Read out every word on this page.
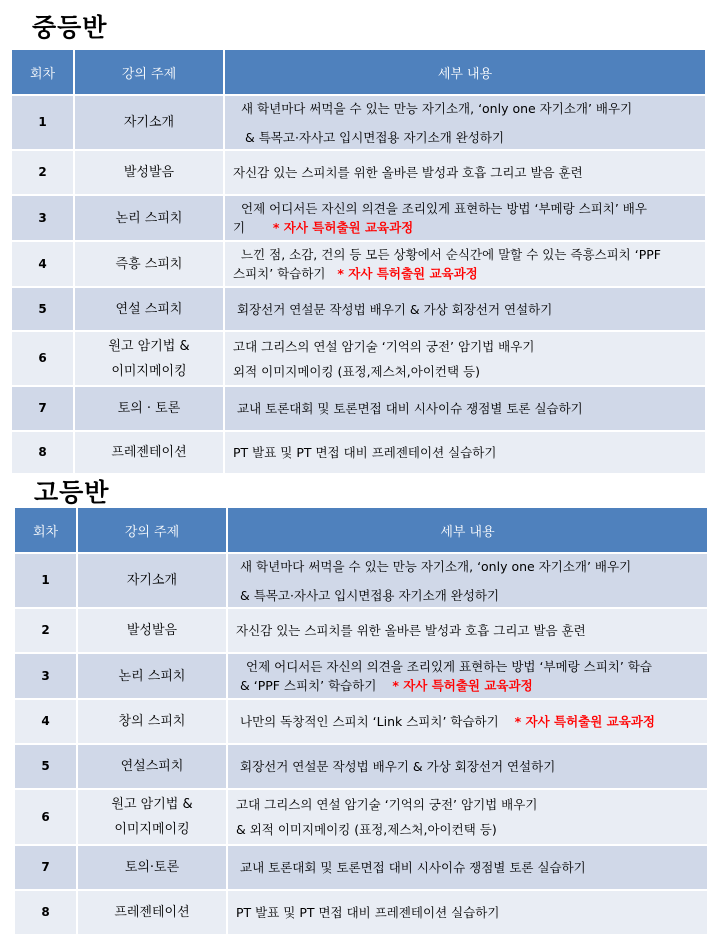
중등반
회차	강의 주제	세부 내용
1	자기소개	새 학년마다 써먹을 수 있는 만능 자기소개, ‘only one 자기소개’ 배우기
& 특목고·자사고 입시면접용 자기소개 완성하기

2	발성발음	자신감 있는 스피치를 위한 올바른 발성과 호흡 그리고 발음 훈련

3	논리 스피치	언제 어디서든 자신의 의견을 조리있게 표현하는 방법 ‘부메랑 스피치’ 배우
기 * 자사 특허출원 교육과정

4	즉흥 스피치	느낀 점, 소감, 건의 등 모든 상황에서 순식간에 말할 수 있는 즉흥스피치 ‘PPF
스피치’ 학습하기 * 자사 특허출원 교육과정

5	연설 스피치	회장선거 연설문 작성법 배우기 & 가상 회장선거 연설하기

6	원고 암기법 &
이미지메이킹	고대 그리스의 연설 암기술 ‘기억의 궁전’ 암기법 배우기
외적 이미지메이킹 (표정,제스처,아이컨택 등)

7	토의 · 토론	교내 토론대회 및 토론면접 대비 시사이슈 쟁점별 토론 실습하기

8	프레젠테이션	PT 발표 및 PT 면접 대비 프레젠테이션 실습하기
고등반
회차	강의 주제	세부 내용
1	자기소개	새 학년마다 써먹을 수 있는 만능 자기소개, ‘only one 자기소개’ 배우기
& 특목고·자사고 입시면접용 자기소개 완성하기

2	발성발음	자신감 있는 스피치를 위한 올바른 발성과 호흡 그리고 발음 훈련

3	논리 스피치	언제 어디서든 자신의 의견을 조리있게 표현하는 방법 ‘부메랑 스피치’ 학습
& ‘PPF 스피치’ 학습하기 * 자사 특허출원 교육과정

4	창의 스피치	나만의 독창적인 스피치 ‘Link 스피치’ 학습하기 * 자사 특허출원 교육과정

5	연설스피치	회장선거 연설문 작성법 배우기 & 가상 회장선거 연설하기

6	원고 암기법 &
이미지메이킹	고대 그리스의 연설 암기술 ‘기억의 궁전’ 암기법 배우기
& 외적 이미지메이킹 (표정,제스처,아이컨택 등)

7	토의·토론	교내 토론대회 및 토론면접 대비 시사이슈 쟁점별 토론 실습하기

8	프레젠테이션	PT 발표 및 PT 면접 대비 프레젠테이션 실습하기
